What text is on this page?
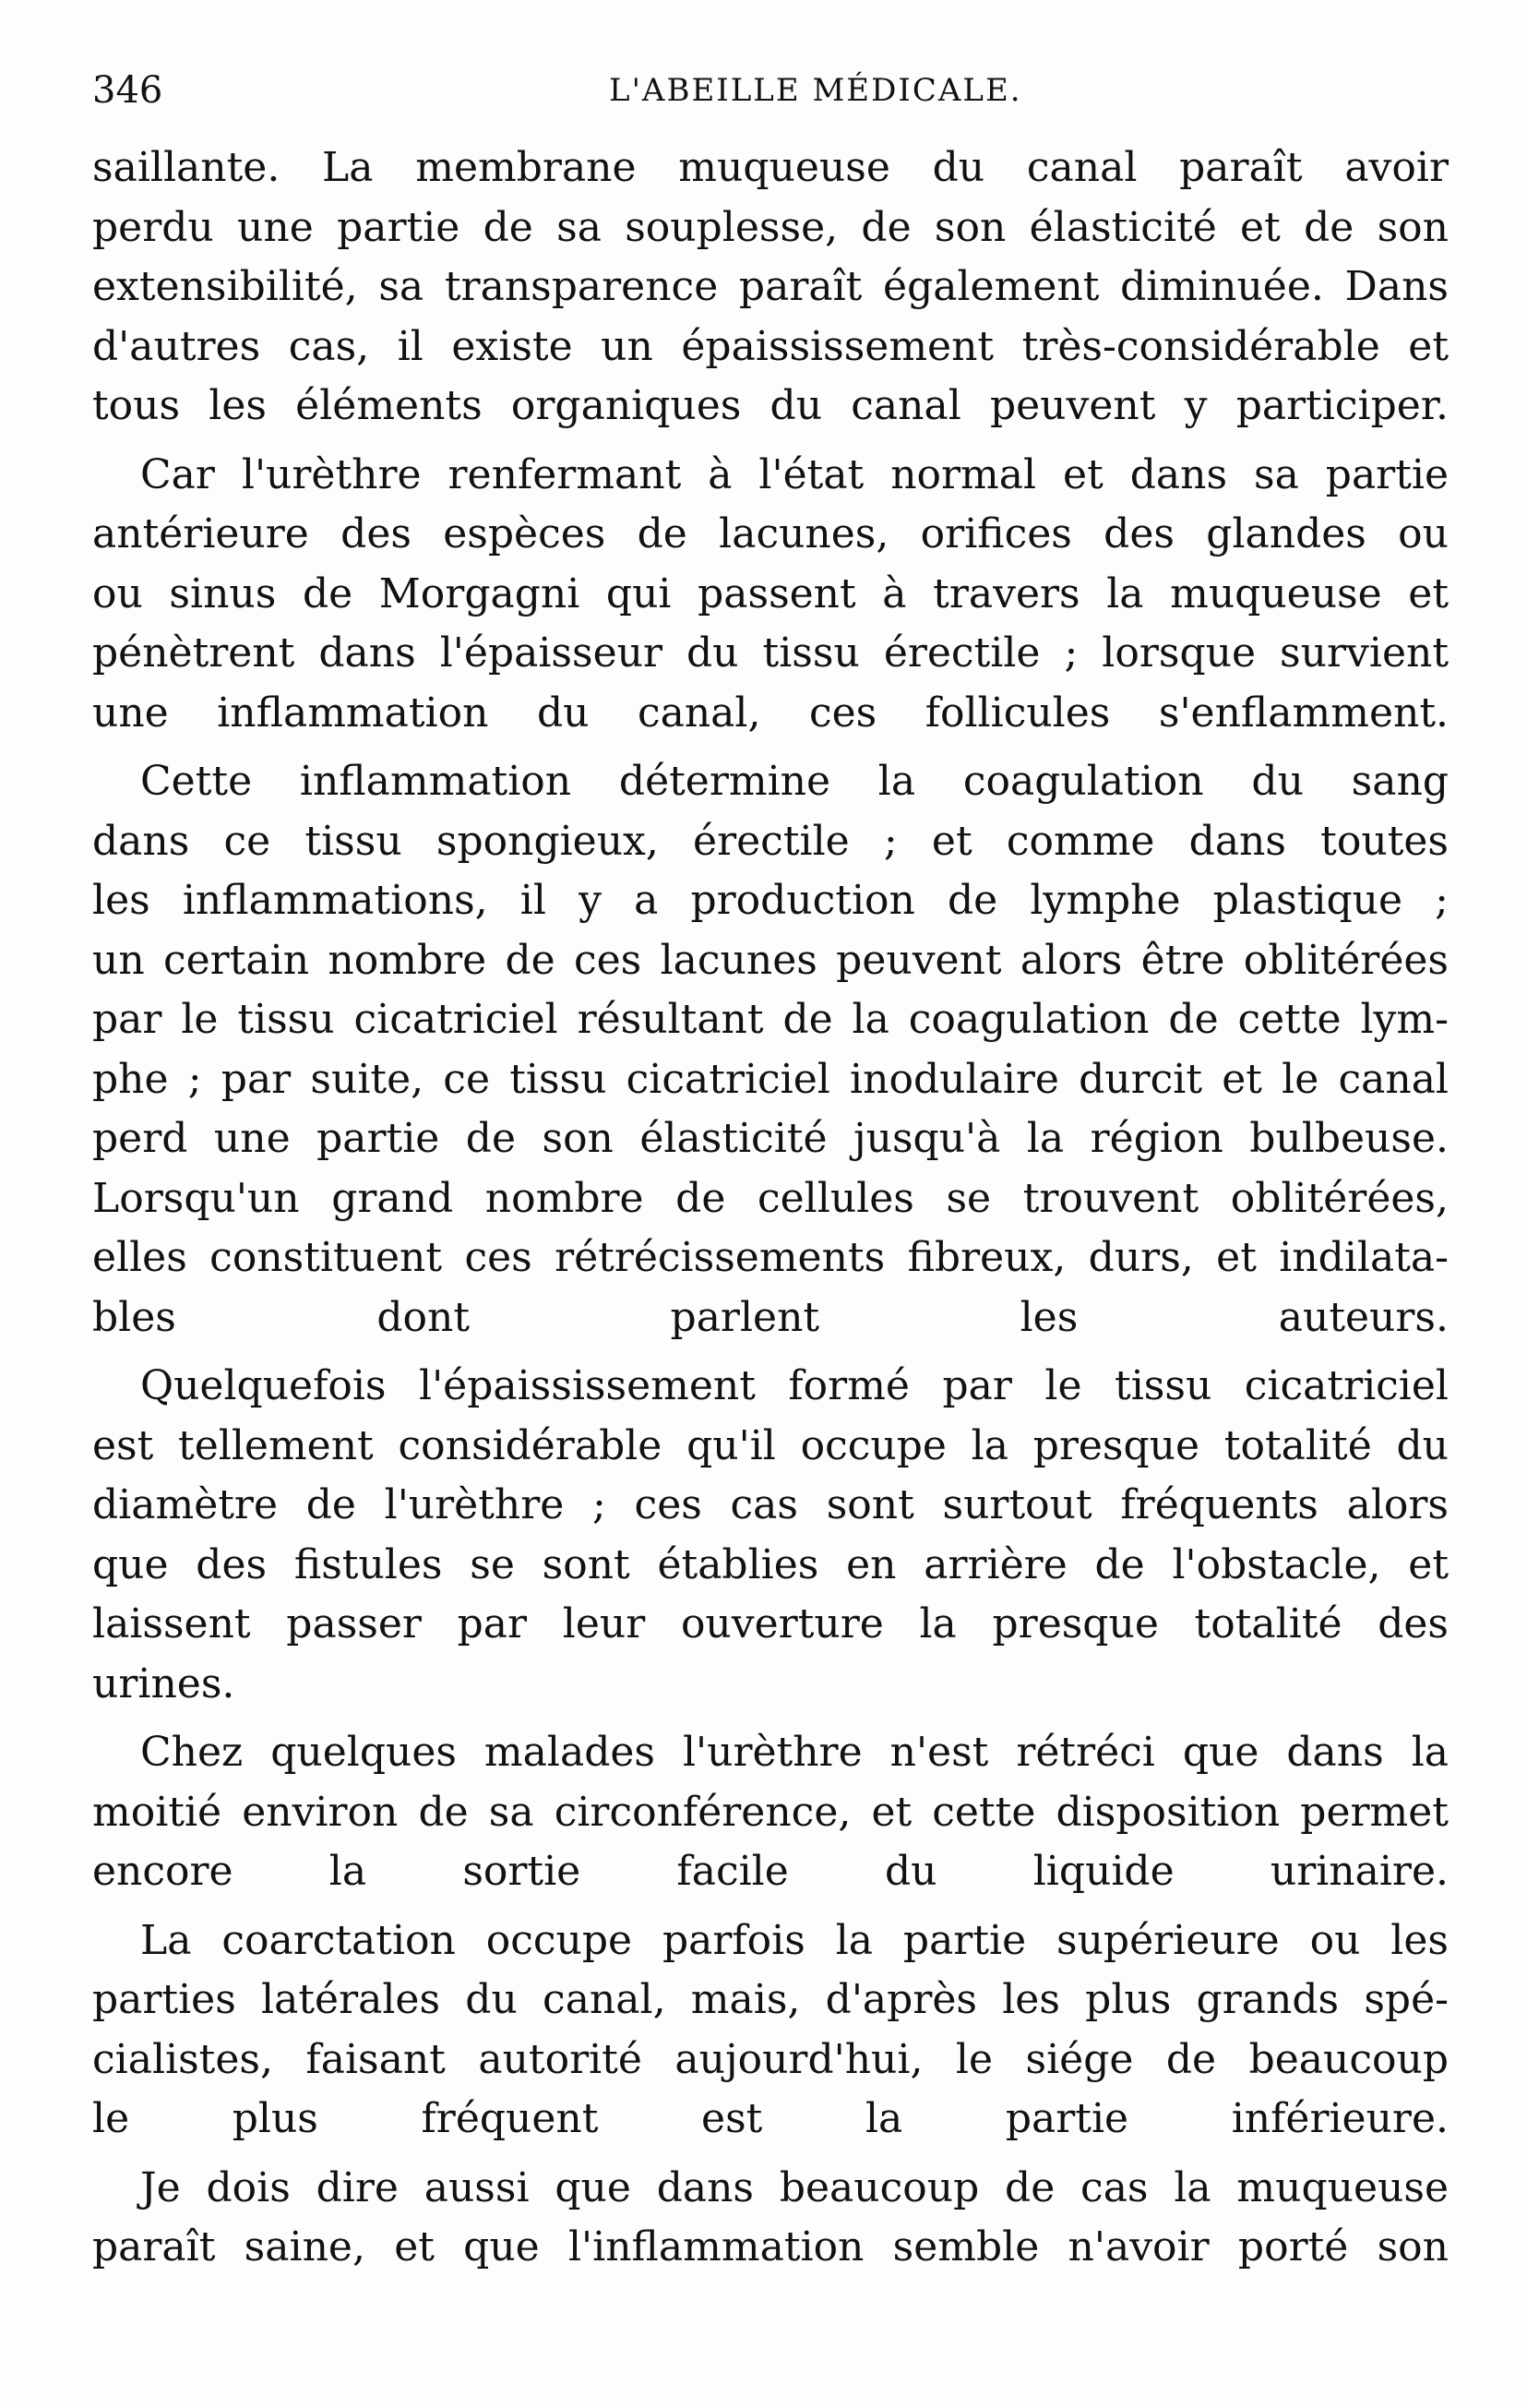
346	L'ABEILLE MÉDICALE.
saillante. La membrane muqueuse du canal paraît avoir
perdu une partie de sa souplesse, de son élasticité et de son
extensibilité, sa transparence paraît également diminuée. Dans
d'autres cas, il existe un épaississement très-considérable et
tous les éléments organiques du canal peuvent y participer.
Car l'urèthre renfermant à l'état normal et dans sa partie
antérieure des espèces de lacunes, orifices des glandes ou
ou sinus de Morgagni qui passent à travers la muqueuse et
pénètrent dans l'épaisseur du tissu érectile ; lorsque survient
une inflammation du canal, ces follicules s'enflamment.
Cette inflammation détermine la coagulation du sang
dans ce tissu spongieux, érectile ; et comme dans toutes
les inflammations, il y a production de lymphe plastique ;
un certain nombre de ces lacunes peuvent alors être oblitérées
par le tissu cicatriciel résultant de la coagulation de cette lym-
phe ; par suite, ce tissu cicatriciel inodulaire durcit et le canal
perd une partie de son élasticité jusqu'à la région bulbeuse.
Lorsqu'un grand nombre de cellules se trouvent oblitérées,
elles constituent ces rétrécissements fibreux, durs, et indilata-
bles dont parlent les auteurs.
Quelquefois l'épaississement formé par le tissu cicatriciel
est tellement considérable qu'il occupe la presque totalité du
diamètre de l'urèthre ; ces cas sont surtout fréquents alors
que des fistules se sont établies en arrière de l'obstacle, et
laissent passer par leur ouverture la presque totalité des
urines.
Chez quelques malades l'urèthre n'est rétréci que dans la
moitié environ de sa circonférence, et cette disposition permet
encore la sortie facile du liquide urinaire.
La coarctation occupe parfois la partie supérieure ou les
parties latérales du canal, mais, d'après les plus grands spé-
cialistes, faisant autorité aujourd'hui, le siége de beaucoup
le plus fréquent est la partie inférieure.
Je dois dire aussi que dans beaucoup de cas la muqueuse
paraît saine, et que l'inflammation semble n'avoir porté son
